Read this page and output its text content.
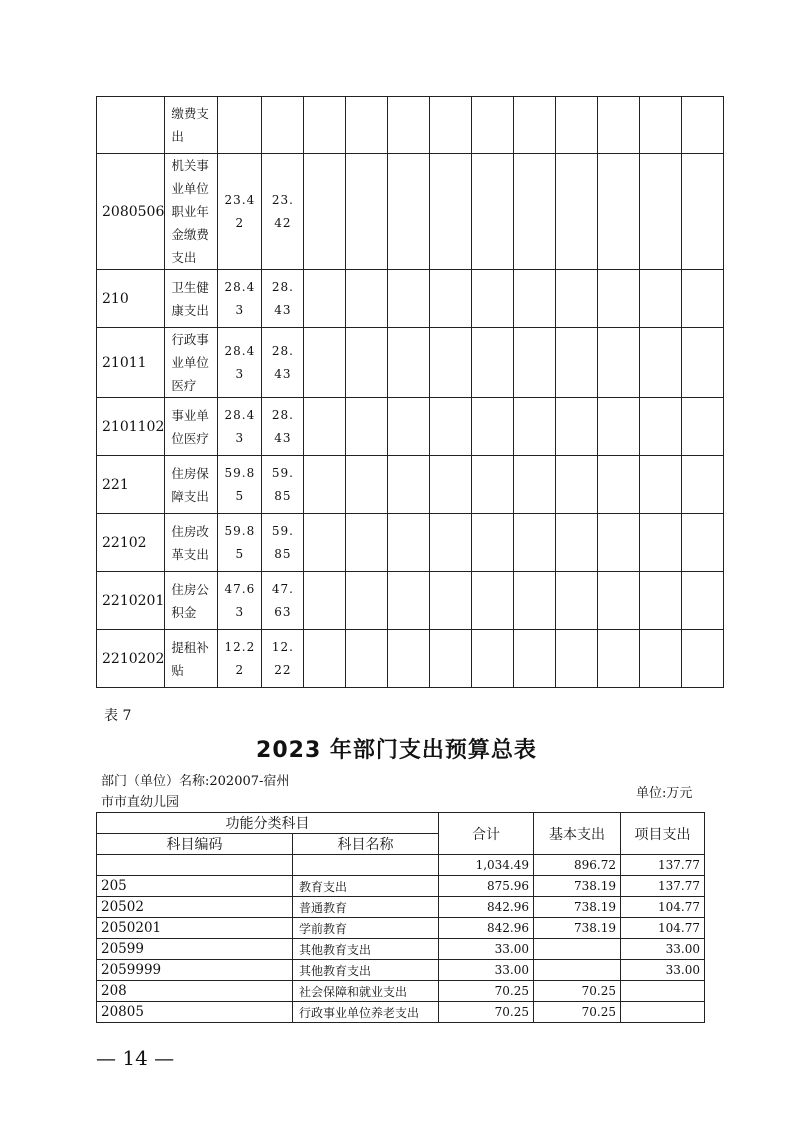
	缴费支出												
2080506	机关事业单位职业年金缴费支出	23.42	23.42										
210	卫生健康支出	28.43	28.43										
21011	行政事业单位医疗	28.43	28.43										
2101102	事业单位医疗	28.43	28.43										
221	住房保障支出	59.85	59.85										
22102	住房改革支出	59.85	59.85										
2210201	住房公积金	47.63	47.63										
2210202	提租补贴	12.22	12.22										
表 7
2023 年部门支出预算总表
部门（单位）名称:202007-宿州市市直幼儿园
单位:万元
功能分类科目		合计	基本支出	项目支出
科目编码	科目名称			
		1,034.49	896.72	137.77
205	教育支出	875.96	738.19	137.77
20502	普通教育	842.96	738.19	104.77
2050201	学前教育	842.96	738.19	104.77
20599	其他教育支出	33.00		33.00
2059999	其他教育支出	33.00		33.00
208	社会保障和就业支出	70.25	70.25	
20805	行政事业单位养老支出	70.25	70.25	
— 14 —
